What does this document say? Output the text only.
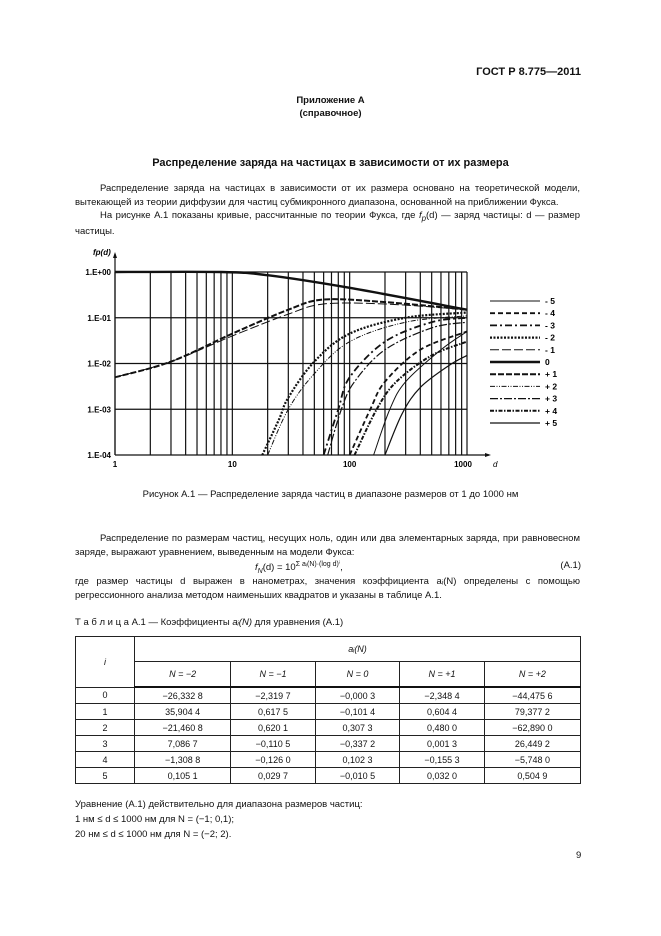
ГОСТ Р 8.775—2011
Приложение А
(справочное)
Распределение заряда на частицах в зависимости от их размера
Распределение заряда на частицах в зависимости от их размера основано на теоретической модели, вытекающей из теории диффузии для частиц субмикронного диапазона, основанной на приближении Фукса.
На рисунке А.1 показаны кривые, рассчитанные по теории Фукса, где $f_p(d)$ — заряд частицы: d — размер частицы.
1.E+00
1.E-01
1.E-02
1.E-03
1.E-04
1	10	100	1000
fp(d)
d
- 5
- 4
- 3
- 2
- 1
0
+ 1
+ 2
+ 3
+ 4
+ 5
Рисунок А.1 — Распределение заряда частиц в диапазоне размеров от 1 до 1000 нм
Распределение по размерам частиц, несущих ноль, один или два элементарных заряда, при равновесном заряде, выражают уравнением, выведенным на модели Фукса:
$f_N(d) = 10^{\Sigma aᵢ(N)\cdot(log d)^i}$,	(А.1)
где размер частицы d выражен в нанометрах, значения коэффициента aᵢ(N) определены с помощью регрессионного анализа методом наименьших квадратов и указаны в таблице А.1.
Т а б л и ц а А.1 — Коэффициенты aᵢ(N) для уравнения (А.1)
i	aᵢ(N)				
	N = −2	N = −1	N = 0	N = +1	N = +2
0	−26,332 8	−2,319 7	−0,000 3	−2,348 4	−44,475 6
1	35,904 4	0,617 5	−0,101 4	0,604 4	79,377 2
2	−21,460 8	0,620 1	0,307 3	0,480 0	−62,890 0
3	7,086 7	−0,110 5	−0,337 2	0,001 3	26,449 2
4	−1,308 8	−0,126 0	0,102 3	−0,155 3	−5,748 0
5	0,105 1	0,029 7	−0,010 5	0,032 0	0,504 9
Уравнение (А.1) действительно для диапазона размеров частиц:
1 нм ≤ d ≤ 1000 нм для N = (−1; 0,1);
20 нм ≤ d ≤ 1000 нм для N = (−2; 2).
9
